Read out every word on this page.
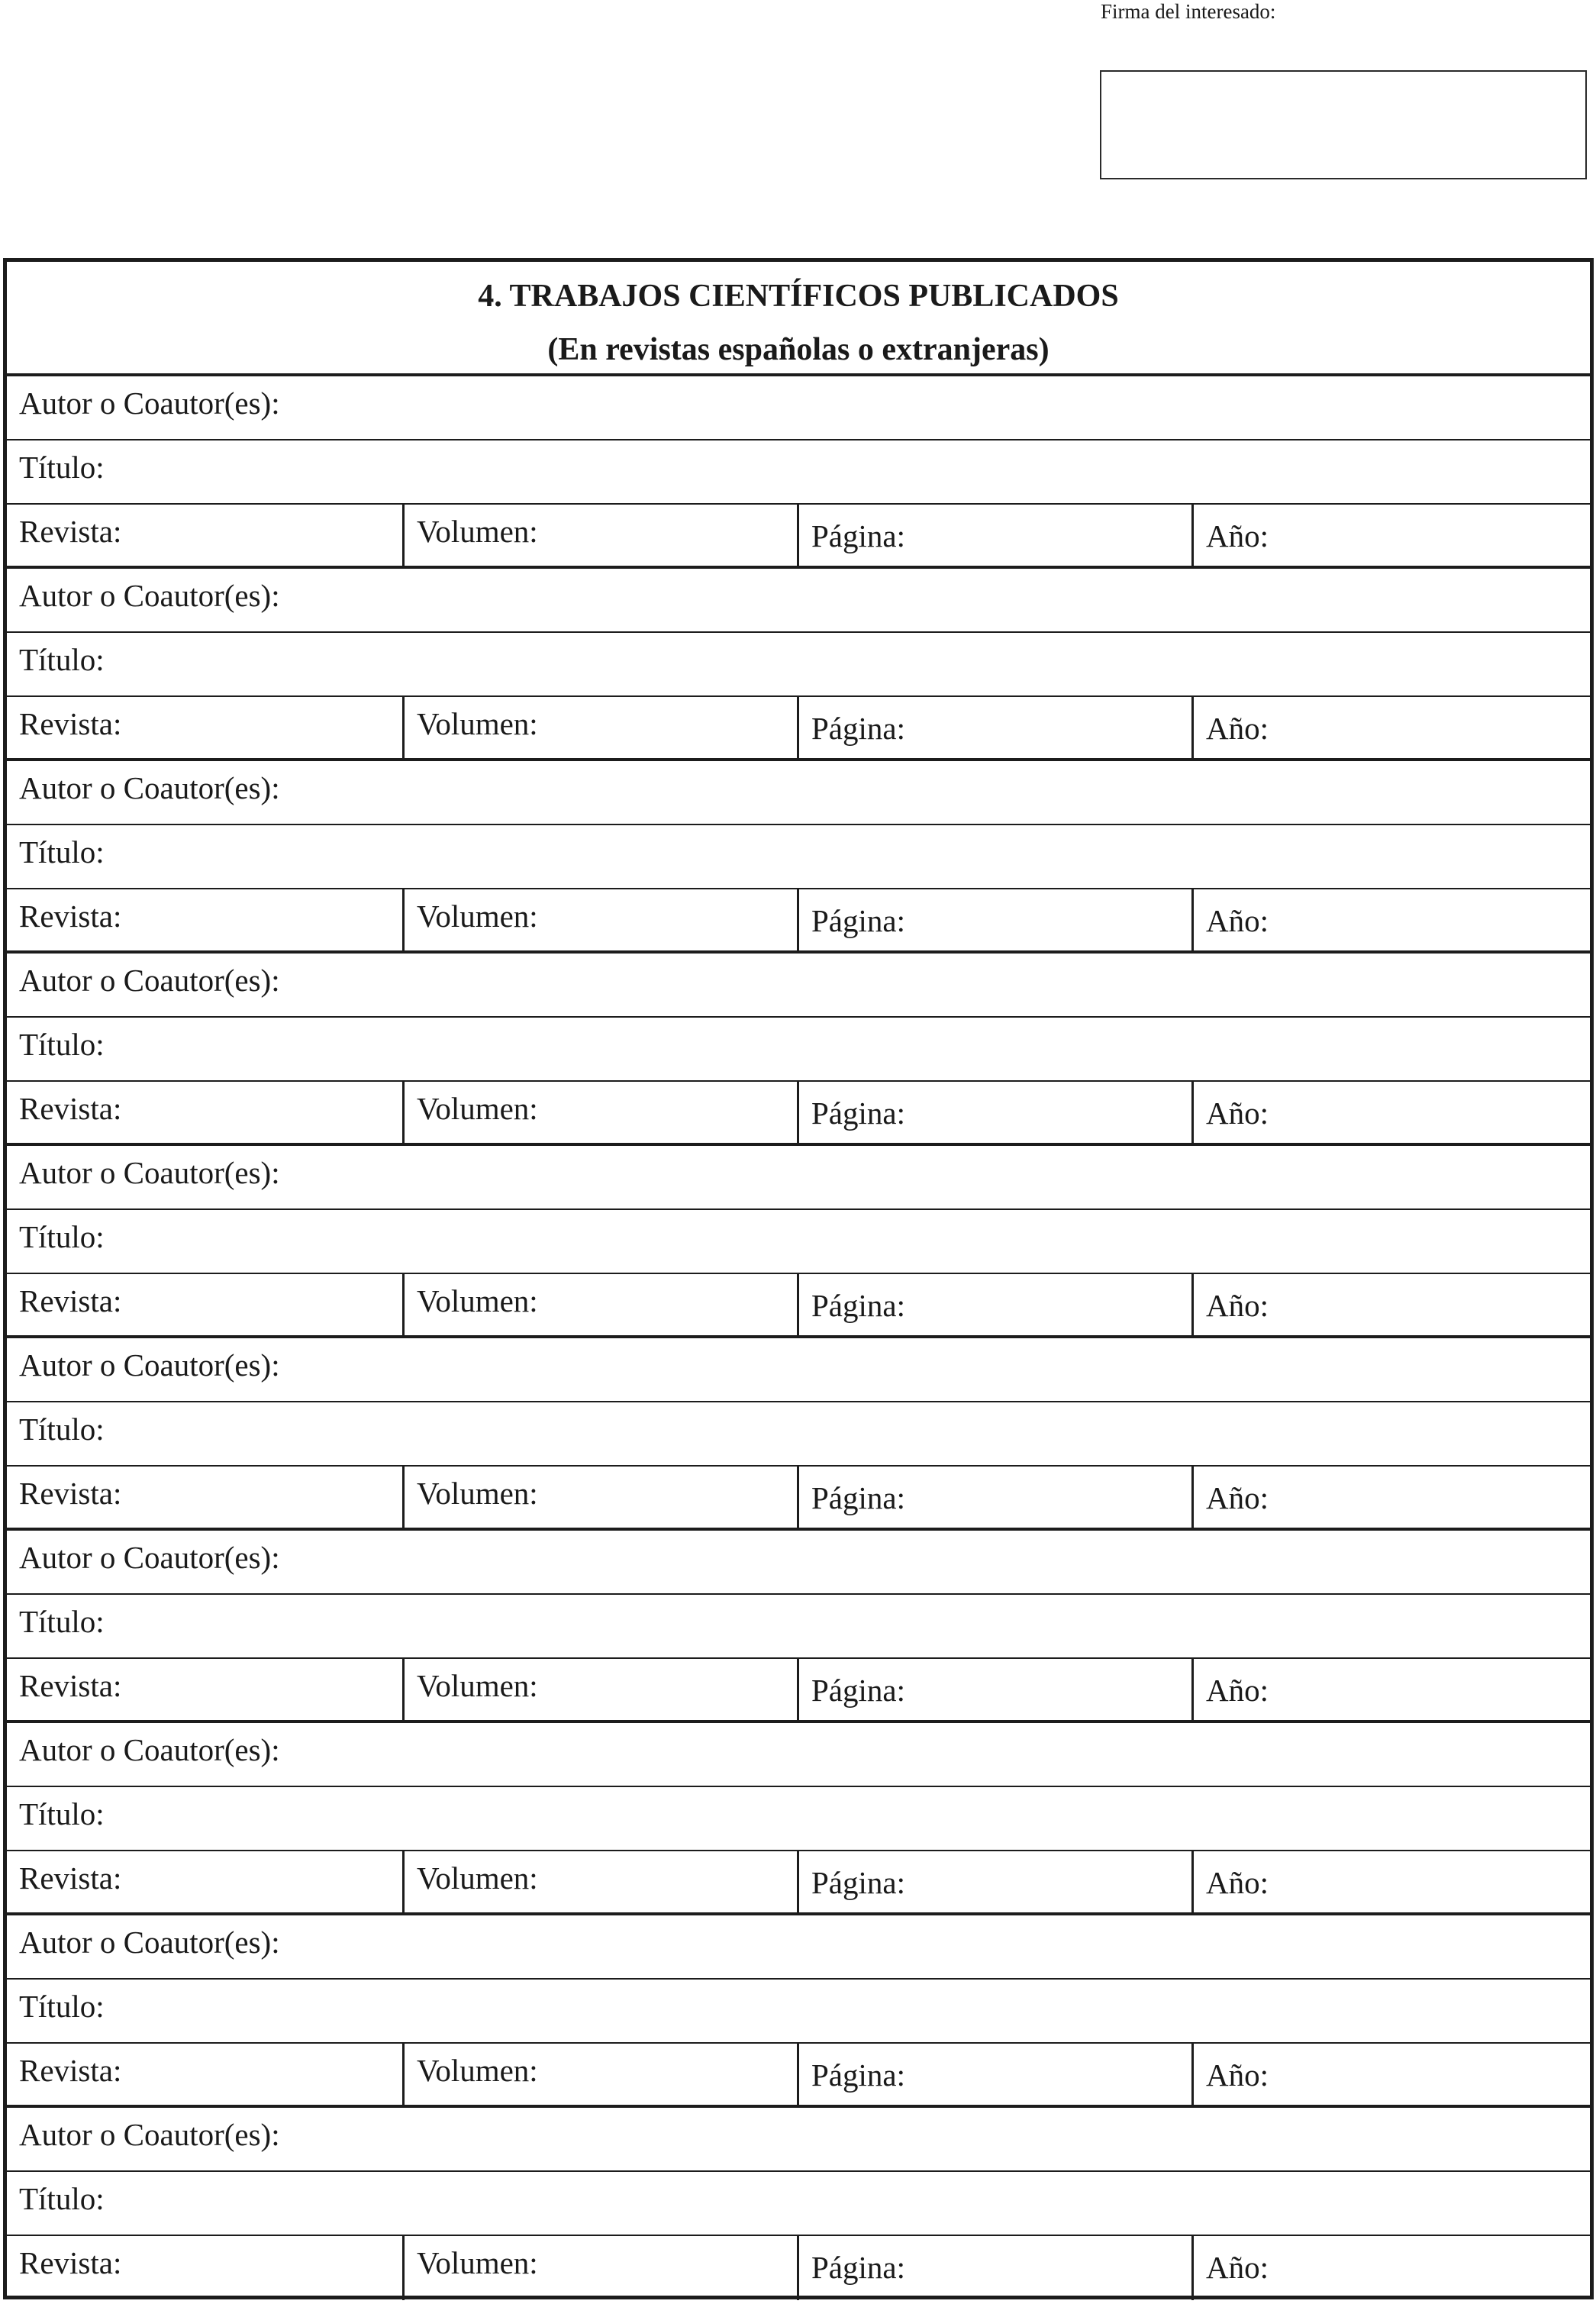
Firma del interesado:
4. TRABAJOS CIENTÍFICOS PUBLICADOS
(En revistas españolas o extranjeras)
Autor o Coautor(es):
Título:
Revista:	Volumen:	Página:	Año:
Autor o Coautor(es):
Título:
Revista:	Volumen:	Página:	Año:
Autor o Coautor(es):
Título:
Revista:	Volumen:	Página:	Año:
Autor o Coautor(es):
Título:
Revista:	Volumen:	Página:	Año:
Autor o Coautor(es):
Título:
Revista:	Volumen:	Página:	Año:
Autor o Coautor(es):
Título:
Revista:	Volumen:	Página:	Año:
Autor o Coautor(es):
Título:
Revista:	Volumen:	Página:	Año:
Autor o Coautor(es):
Título:
Revista:	Volumen:	Página:	Año:
Autor o Coautor(es):
Título:
Revista:	Volumen:	Página:	Año:
Autor o Coautor(es):
Título:
Revista:	Volumen:	Página:	Año:
